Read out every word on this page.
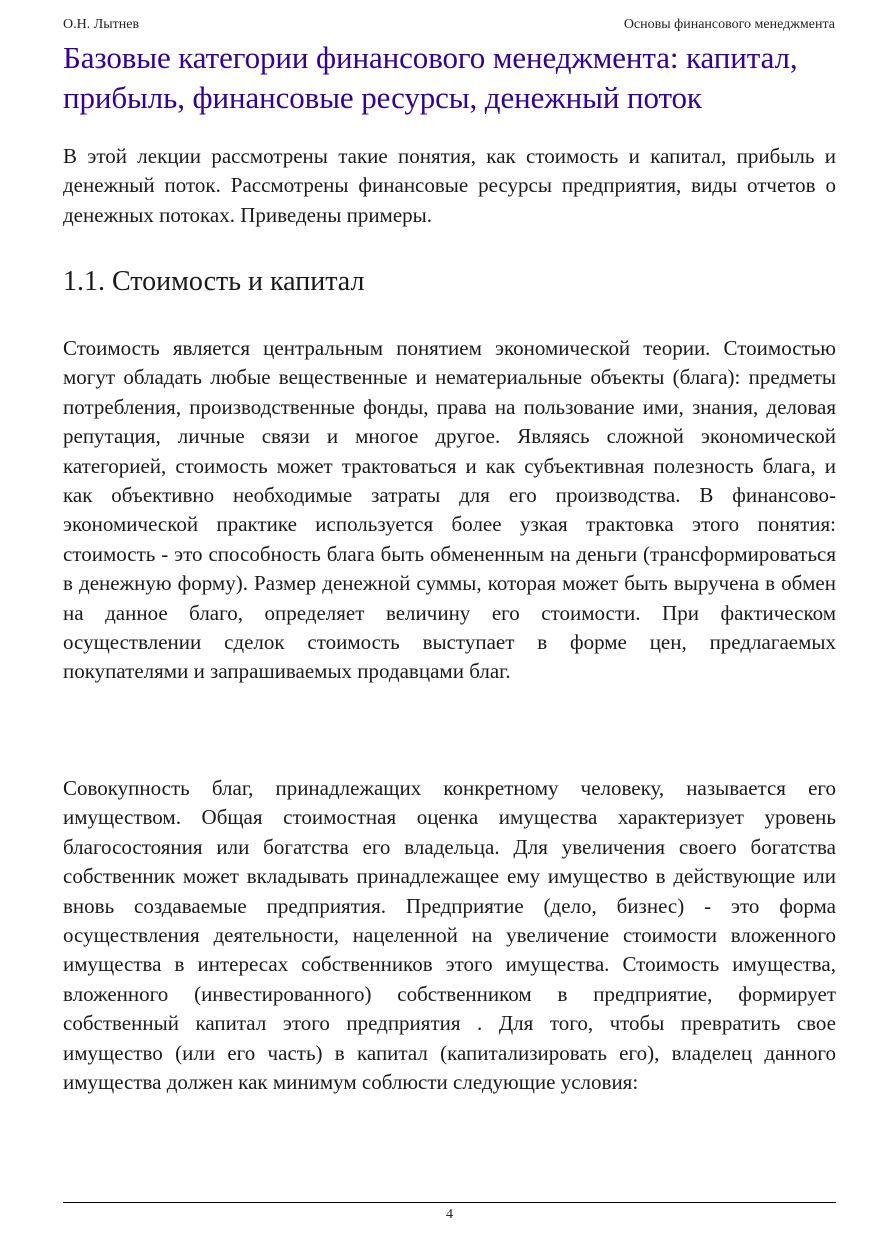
О.Н. Лытнев	Основы финансового менеджмента
Базовые категории финансового менеджмента: капитал, прибыль, финансовые ресурсы, денежный поток

В этой лекции рассмотрены такие понятия, как стоимость и капитал, прибыль и денежный поток. Рассмотрены финансовые ресурсы предприятия, виды отчетов о денежных потоках. Приведены примеры.

1.1. Стоимость и капитал

Стоимость является центральным понятием экономической теории. Стоимостью могут обладать любые вещественные и нематериальные объекты (блага): предметы потребления, производственные фонды, права на пользование ими, знания, деловая репутация, личные связи и многое другое. Являясь сложной экономической категорией, стоимость может трактоваться и как субъективная полезность блага, и как объективно необходимые затраты для его производства. В финансово-экономической практике используется более узкая трактовка этого понятия: стоимость - это способность блага быть обмененным на деньги (трансформироваться в денежную форму). Размер денежной суммы, которая может быть выручена в обмен на данное благо, определяет величину его стоимости. При фактическом осуществлении сделок стоимость выступает в форме цен, предлагаемых покупателями и запрашиваемых продавцами благ.

Совокупность благ, принадлежащих конкретному человеку, называется его имуществом. Общая стоимостная оценка имущества характеризует уровень благосостояния или богатства его владельца. Для увеличения своего богатства собственник может вкладывать принадлежащее ему имущество в действующие или вновь создаваемые предприятия. Предприятие (дело, бизнес) - это форма осуществления деятельности, нацеленной на увеличение стоимости вложенного имущества в интересах собственников этого имущества. Стоимость имущества, вложенного (инвестированного) собственником в предприятие, формирует собственный капитал этого предприятия . Для того, чтобы превратить свое имущество (или его часть) в капитал (капитализировать его), владелец данного имущества должен как минимум соблюсти следующие условия:

4
